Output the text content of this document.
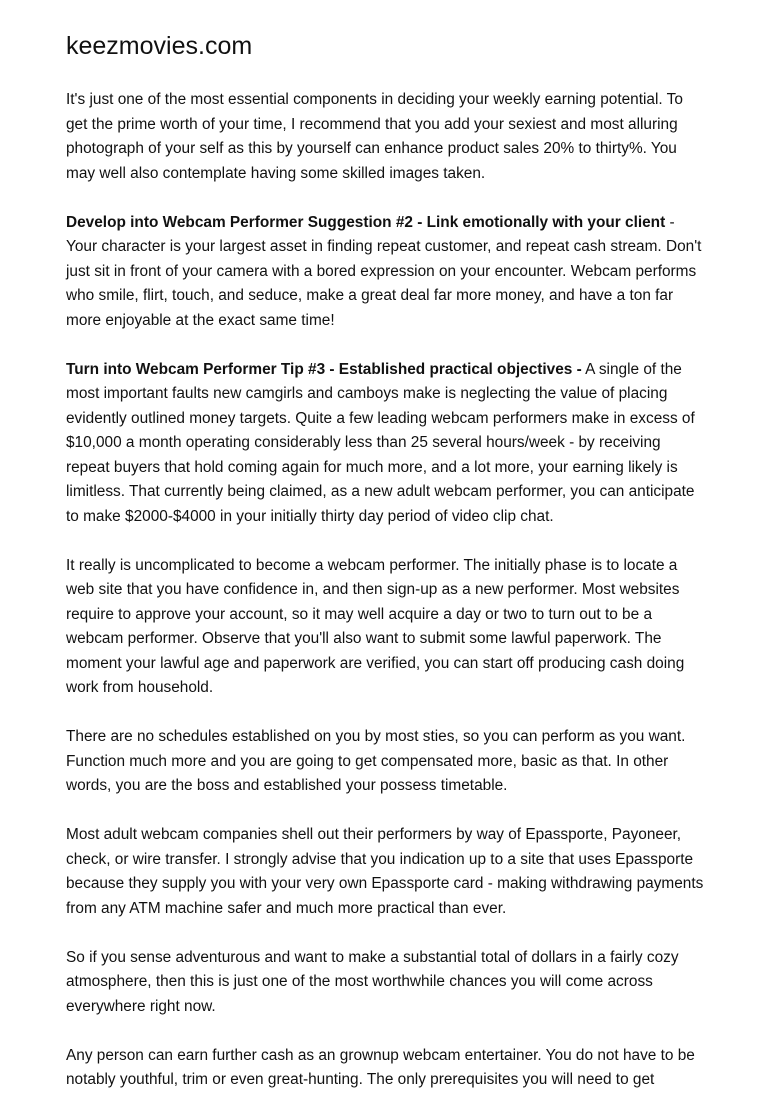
keezmovies.com

It's just one of the most essential components in deciding your weekly earning potential. To get the prime worth of your time, I recommend that you add your sexiest and most alluring photograph of your self as this by yourself can enhance product sales 20% to thirty%. You may well also contemplate having some skilled images taken.

Develop into Webcam Performer Suggestion #2 - Link emotionally with your client - Your character is your largest asset in finding repeat customer, and repeat cash stream. Don't just sit in front of your camera with a bored expression on your encounter. Webcam performs who smile, flirt, touch, and seduce, make a great deal far more money, and have a ton far more enjoyable at the exact same time!

Turn into Webcam Performer Tip #3 - Established practical objectives - A single of the most important faults new camgirls and camboys make is neglecting the value of placing evidently outlined money targets. Quite a few leading webcam performers make in excess of $10,000 a month operating considerably less than 25 several hours/week - by receiving repeat buyers that hold coming again for much more, and a lot more, your earning likely is limitless. That currently being claimed, as a new adult webcam performer, you can anticipate to make $2000-$4000 in your initially thirty day period of video clip chat.

It really is uncomplicated to become a webcam performer. The initially phase is to locate a web site that you have confidence in, and then sign-up as a new performer. Most websites require to approve your account, so it may well acquire a day or two to turn out to be a webcam performer. Observe that you'll also want to submit some lawful paperwork. The moment your lawful age and paperwork are verified, you can start off producing cash doing work from household.

There are no schedules established on you by most sties, so you can perform as you want. Function much more and you are going to get compensated more, basic as that. In other words, you are the boss and established your possess timetable.

Most adult webcam companies shell out their performers by way of Epassporte, Payoneer, check, or wire transfer. I strongly advise that you indication up to a site that uses Epassporte because they supply you with your very own Epassporte card - making withdrawing payments from any ATM machine safer and much more practical than ever.

So if you sense adventurous and want to make a substantial total of dollars in a fairly cozy atmosphere, then this is just one of the most worthwhile chances you will come across everywhere right now.

Any person can earn further cash as an grownup webcam entertainer. You do not have to be notably youthful, trim or even great-hunting. The only prerequisites you will need to get
